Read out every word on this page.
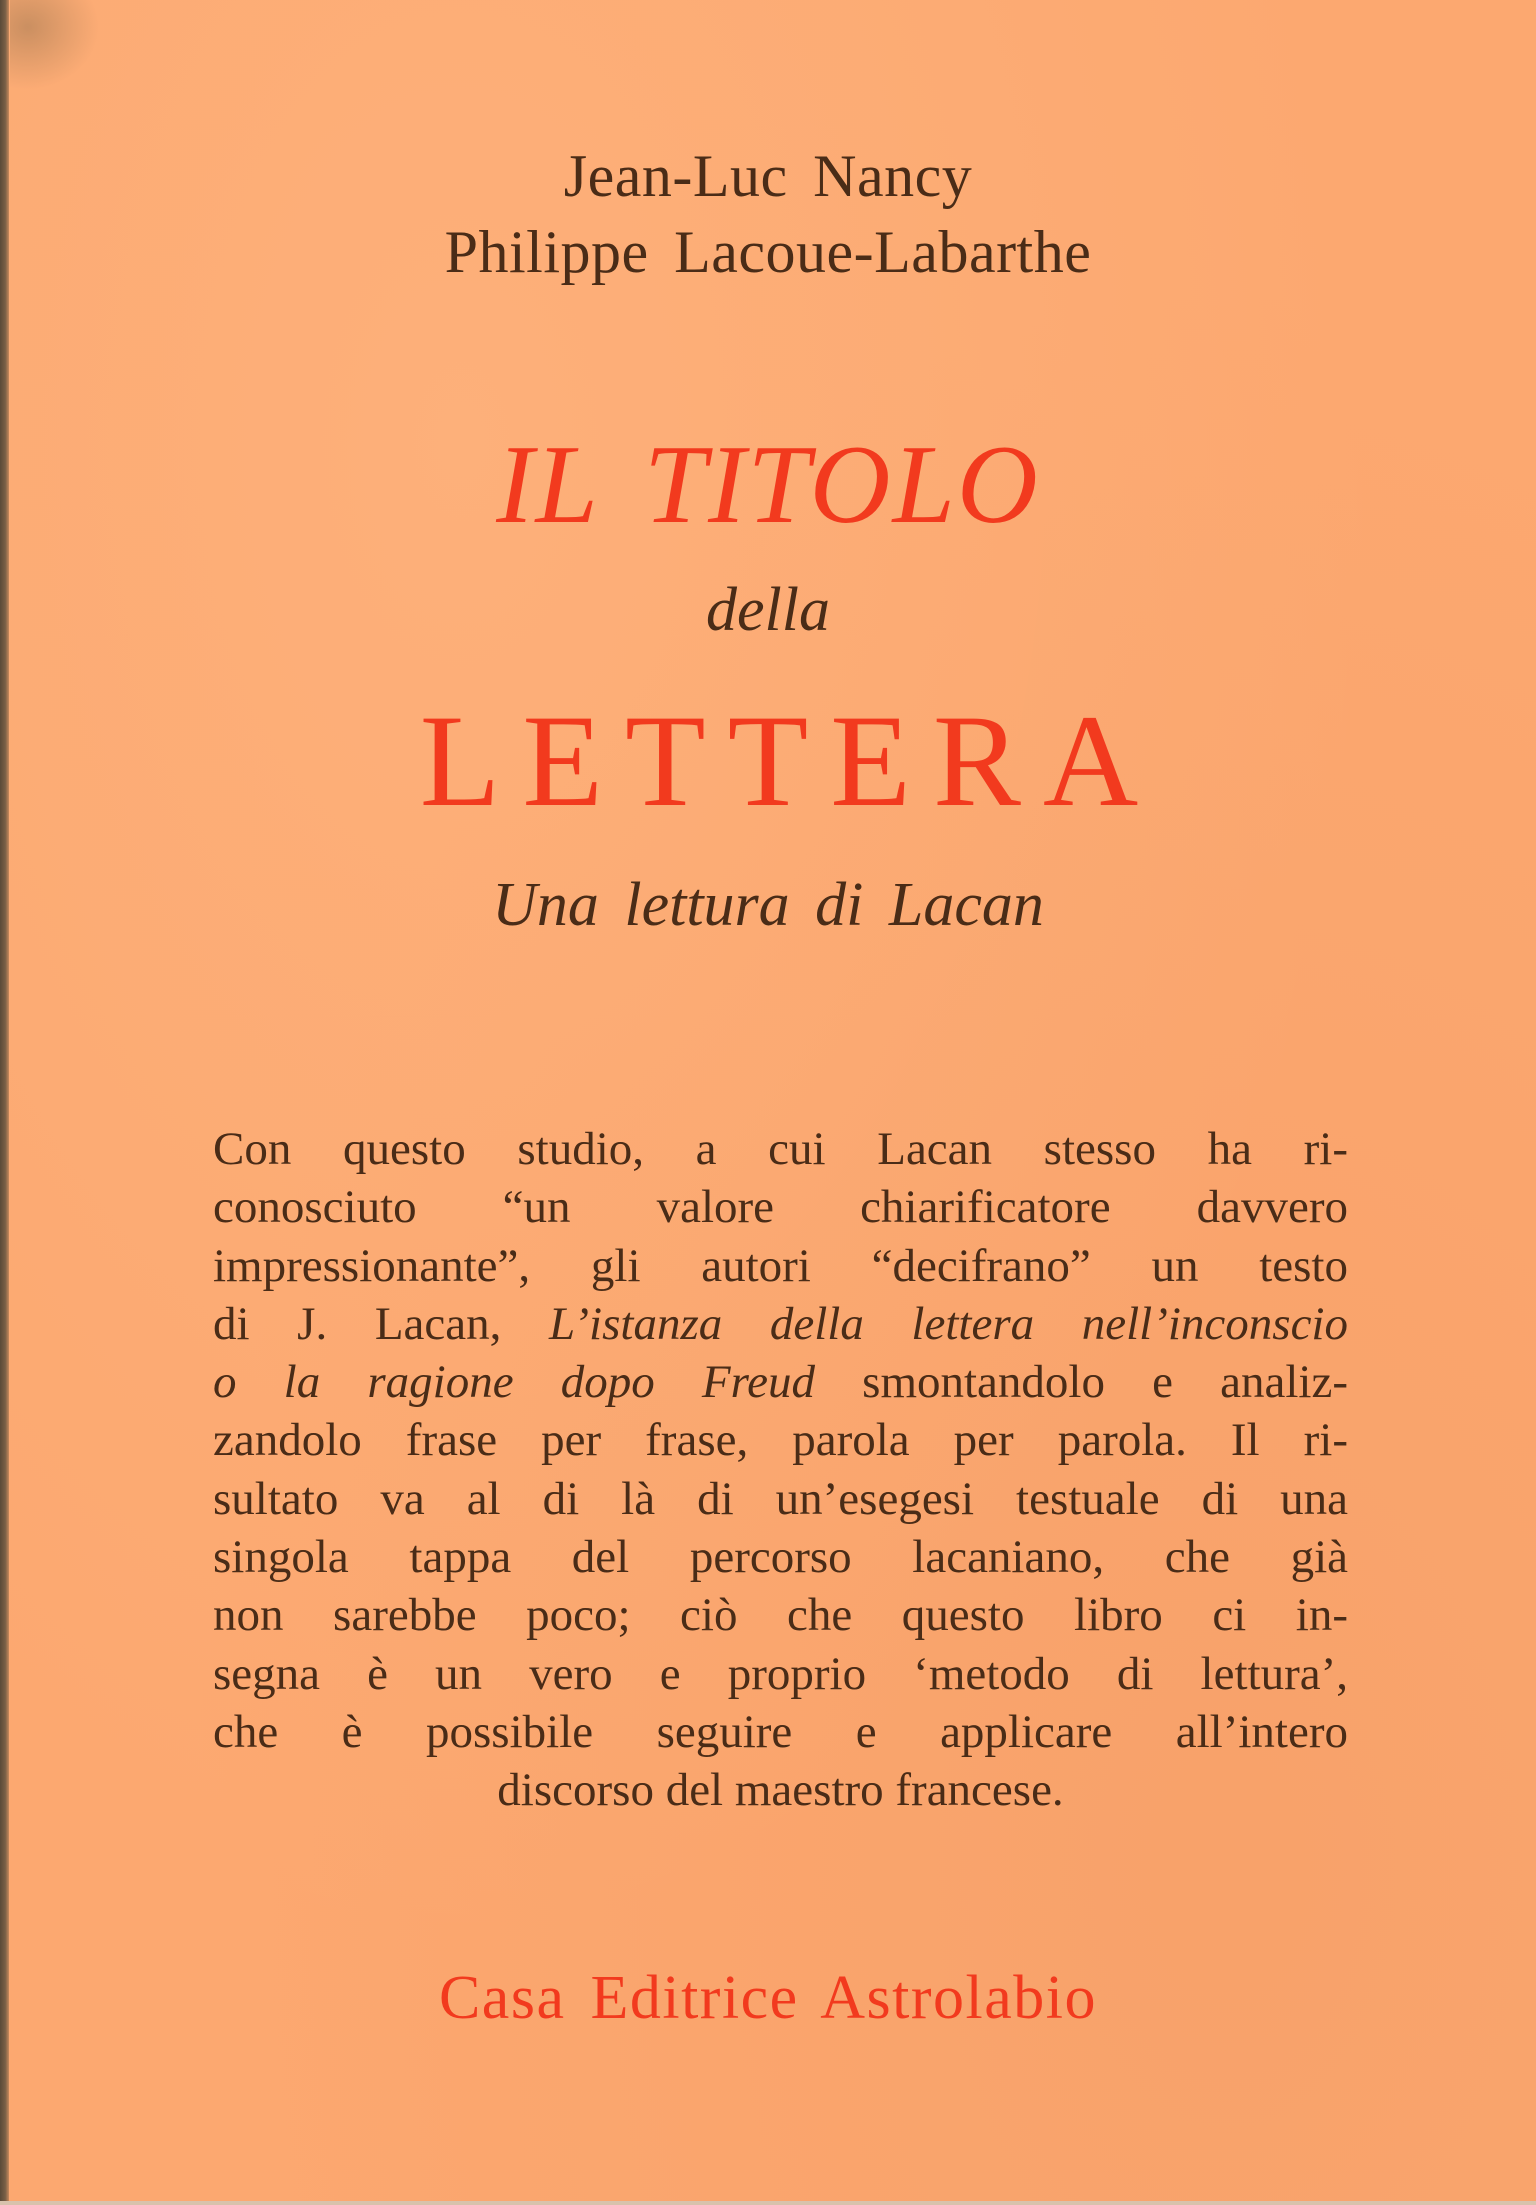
Jean-Luc Nancy
Philippe Lacoue-Labarthe
IL TITOLO
della
LETTERA
Una lettura di Lacan
Con questo studio, a cui Lacan stesso ha ri-
conosciuto “un valore chiarificatore davvero
impressionante”, gli autori “decifrano” un testo
di J. Lacan, L’istanza della lettera nell’inconscio
o la ragione dopo Freud smontandolo e analiz-
zandolo frase per frase, parola per parola. Il ri-
sultato va al di là di un’esegesi testuale di una
singola tappa del percorso lacaniano, che già
non sarebbe poco; ciò che questo libro ci in-
segna è un vero e proprio ‘metodo di lettura’,
che è possibile seguire e applicare all’intero
discorso del maestro francese.
Casa Editrice Astrolabio
